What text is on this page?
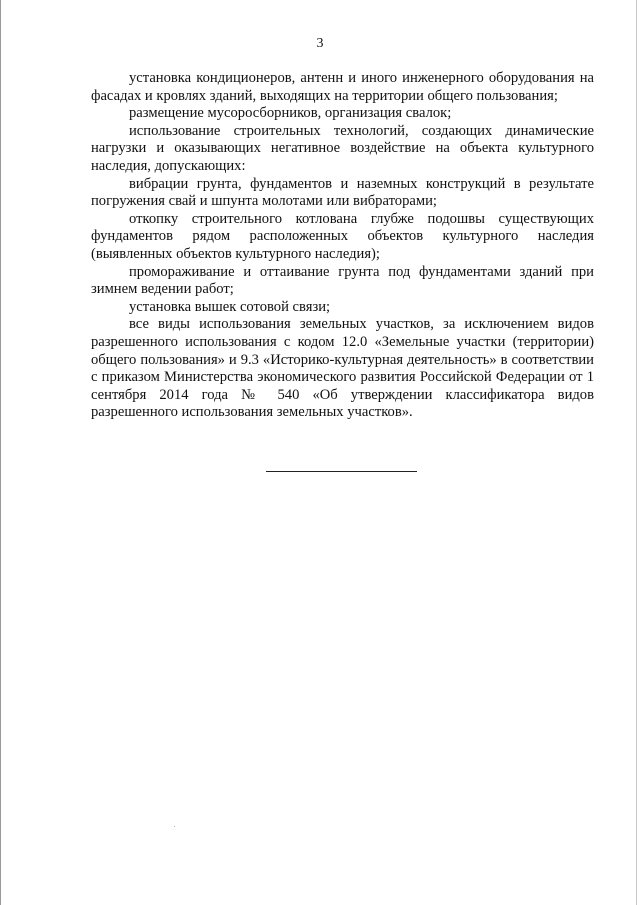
3

установка кондиционеров, антенн и иного инженерного оборудования на фасадах и кровлях зданий, выходящих на территории общего пользования;

размещение мусоросборников, организация свалок;

использование строительных технологий, создающих динамические нагрузки и оказывающих негативное воздействие на объекта культурного наследия, допускающих:

вибрации грунта, фундаментов и наземных конструкций в результате погружения свай и шпунта молотами или вибраторами;

откопку строительного котлована глубже подошвы существующих фундаментов рядом расположенных объектов культурного наследия (выявленных объектов культурного наследия);

промораживание и оттаивание грунта под фундаментами зданий при зимнем ведении работ;

установка вышек сотовой связи;

все виды использования земельных участков, за исключением видов разрешенного использования с кодом 12.0 «Земельные участки (территории) общего пользования» и 9.3 «Историко-культурная деятельность» в соответствии с приказом Министерства экономического развития Российской Федерации от 1 сентября 2014 года № 540 «Об утверждении классификатора видов разрешенного использования земельных участков».
